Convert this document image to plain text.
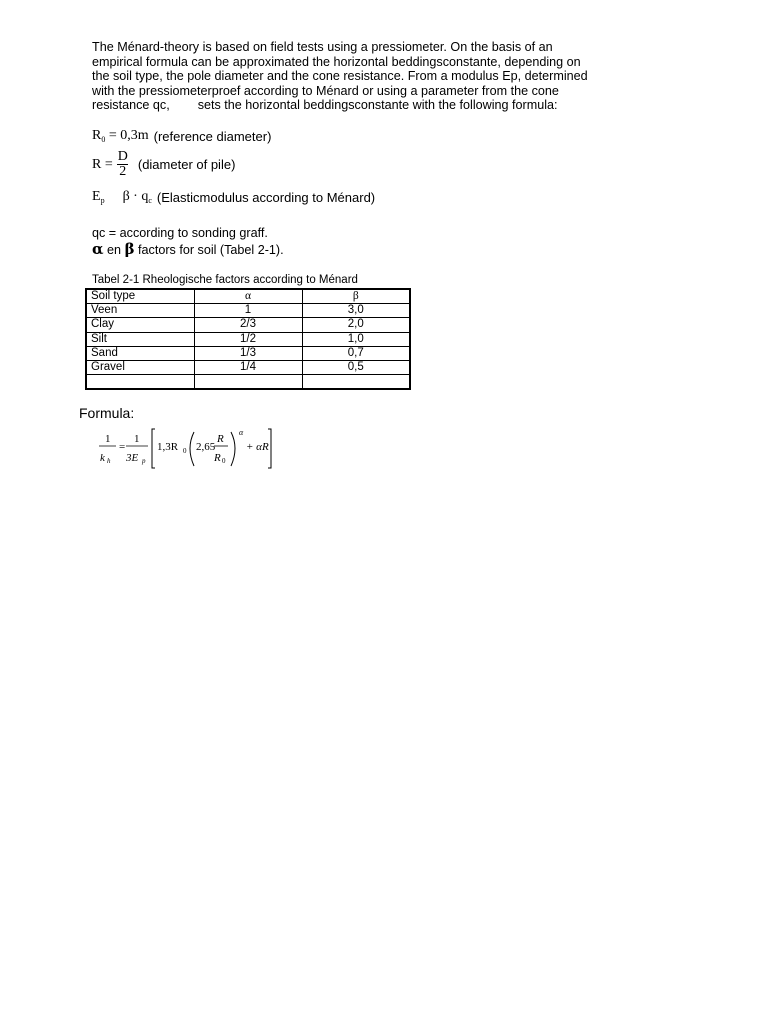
The Ménard-theory is based on field tests using a pressiometer. On the basis of an
empirical formula can be approximated the horizontal beddingsconstante, depending on
the soil type, the pole diameter and the cone resistance. From a modulus Ep, determined
with the pressiometerproef according to Ménard or using a parameter from the cone
resistance qc, sets the horizontal beddingsconstante with the following formula:

$R_0 = 0,3m$ (reference diameter)
$R = \frac{D}{2}$ (diameter of pile)
$E_p$ $\beta \cdot q_c$ (Elasticmodulus according to Ménard)
qc = according to sonding graff.
α en β factors for soil (Tabel 2-1).
Tabel 2-1 Rheologische factors according to Ménard
Soil type	α	β
Veen	1	3,0
Clay	2/3	2,0
Silt	1/2	1,0
Sand	1/3	0,7
Gravel	1/4	0,5

Formula:
1
k h
=
1
3E p
1,3R 0 2,65
R
R 0
α
+ αR
